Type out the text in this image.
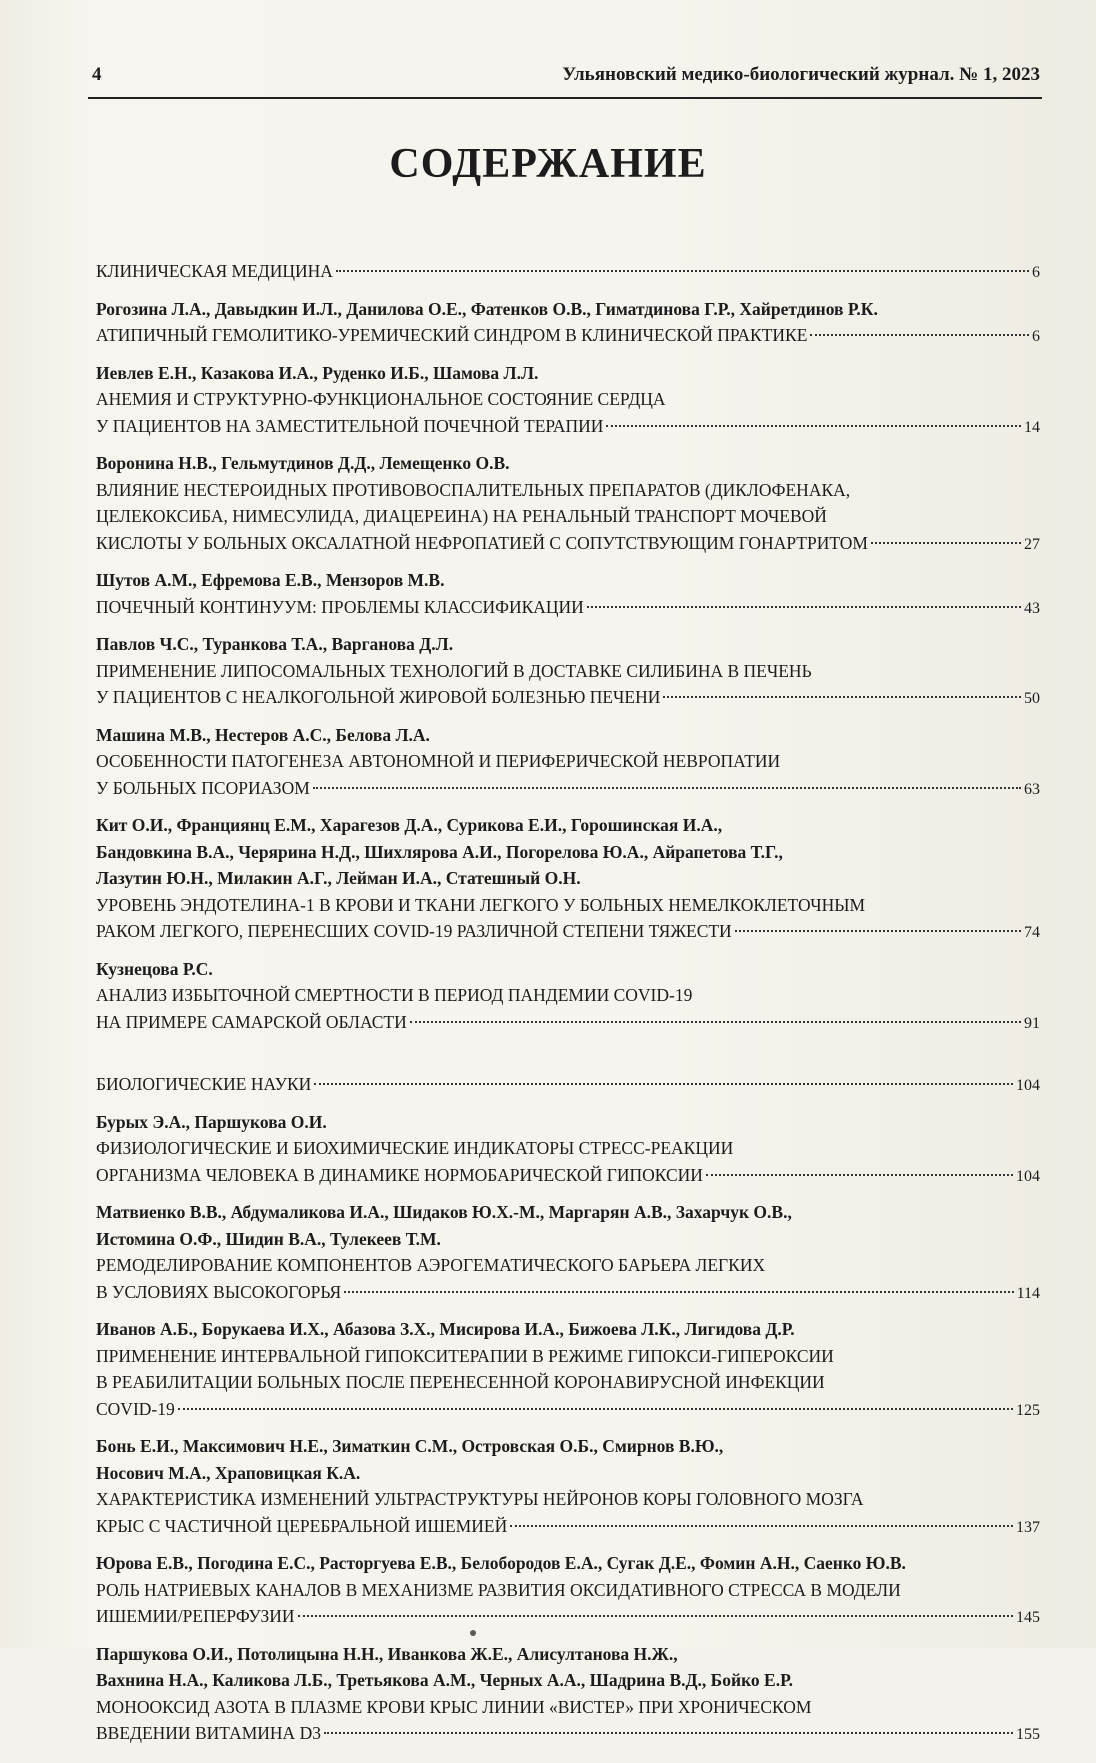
4	Ульяновский медико-биологический журнал. № 1, 2023
СОДЕРЖАНИЕ
КЛИНИЧЕСКАЯ МЕДИЦИНА	6
Рогозина Л.А., Давыдкин И.Л., Данилова О.Е., Фатенков О.В., Гиматдинова Г.Р., Хайретдинов Р.К.
АТИПИЧНЫЙ ГЕМОЛИТИКО-УРЕМИЧЕСКИЙ СИНДРОМ В КЛИНИЧЕСКОЙ ПРАКТИКЕ	6
Иевлев Е.Н., Казакова И.А., Руденко И.Б., Шамова Л.Л.
АНЕМИЯ И СТРУКТУРНО-ФУНКЦИОНАЛЬНОЕ СОСТОЯНИЕ СЕРДЦА
У ПАЦИЕНТОВ НА ЗАМЕСТИТЕЛЬНОЙ ПОЧЕЧНОЙ ТЕРАПИИ	14
Воронина Н.В., Гельмутдинов Д.Д., Лемещенко О.В.
ВЛИЯНИЕ НЕСТЕРОИДНЫХ ПРОТИВОВОСПАЛИТЕЛЬНЫХ ПРЕПАРАТОВ (ДИКЛОФЕНАКА,
ЦЕЛЕКОКСИБА, НИМЕСУЛИДА, ДИАЦЕРЕИНА) НА РЕНАЛЬНЫЙ ТРАНСПОРТ МОЧЕВОЙ
КИСЛОТЫ У БОЛЬНЫХ ОКСАЛАТНОЙ НЕФРОПАТИЕЙ С СОПУТСТВУЮЩИМ ГОНАРТРИТОМ	27
Шутов А.М., Ефремова Е.В., Мензоров М.В.
ПОЧЕЧНЫЙ КОНТИНУУМ: ПРОБЛЕМЫ КЛАССИФИКАЦИИ	43
Павлов Ч.С., Туранкова Т.А., Варганова Д.Л.
ПРИМЕНЕНИЕ ЛИПОСОМАЛЬНЫХ ТЕХНОЛОГИЙ В ДОСТАВКЕ СИЛИБИНА В ПЕЧЕНЬ
У ПАЦИЕНТОВ С НЕАЛКОГОЛЬНОЙ ЖИРОВОЙ БОЛЕЗНЬЮ ПЕЧЕНИ	50
Машина М.В., Нестеров А.С., Белова Л.А.
ОСОБЕННОСТИ ПАТОГЕНЕЗА АВТОНОМНОЙ И ПЕРИФЕРИЧЕСКОЙ НЕВРОПАТИИ
У БОЛЬНЫХ ПСОРИАЗОМ	63
Кит О.И., Франциянц Е.М., Харагезов Д.А., Сурикова Е.И., Горошинская И.А.,
Бандовкина В.А., Черярина Н.Д., Шихлярова А.И., Погорелова Ю.А., Айрапетова Т.Г.,
Лазутин Ю.Н., Милакин А.Г., Лейман И.А., Статешный О.Н.
УРОВЕНЬ ЭНДОТЕЛИНА-1 В КРОВИ И ТКАНИ ЛЕГКОГО У БОЛЬНЫХ НЕМЕЛКОКЛЕТОЧНЫМ
РАКОМ ЛЕГКОГО, ПЕРЕНЕСШИХ COVID-19 РАЗЛИЧНОЙ СТЕПЕНИ ТЯЖЕСТИ	74
Кузнецова Р.С.
АНАЛИЗ ИЗБЫТОЧНОЙ СМЕРТНОСТИ В ПЕРИОД ПАНДЕМИИ COVID-19
НА ПРИМЕРЕ САМАРСКОЙ ОБЛАСТИ	91
БИОЛОГИЧЕСКИЕ НАУКИ	104
Бурых Э.А., Паршукова О.И.
ФИЗИОЛОГИЧЕСКИЕ И БИОХИМИЧЕСКИЕ ИНДИКАТОРЫ СТРЕСС-РЕАКЦИИ
ОРГАНИЗМА ЧЕЛОВЕКА В ДИНАМИКЕ НОРМОБАРИЧЕСКОЙ ГИПОКСИИ	104
Матвиенко В.В., Абдумаликова И.А., Шидаков Ю.Х.-М., Маргарян А.В., Захарчук О.В.,
Истомина О.Ф., Шидин В.А., Тулекеев Т.М.
РЕМОДЕЛИРОВАНИЕ КОМПОНЕНТОВ АЭРОГЕМАТИЧЕСКОГО БАРЬЕРА ЛЕГКИХ
В УСЛОВИЯХ ВЫСОКОГОРЬЯ	114
Иванов А.Б., Борукаева И.Х., Абазова З.Х., Мисирова И.А., Бижоева Л.К., Лигидова Д.Р.
ПРИМЕНЕНИЕ ИНТЕРВАЛЬНОЙ ГИПОКСИТЕРАПИИ В РЕЖИМЕ ГИПОКСИ-ГИПЕРОКСИИ
В РЕАБИЛИТАЦИИ БОЛЬНЫХ ПОСЛЕ ПЕРЕНЕСЕННОЙ КОРОНАВИРУСНОЙ ИНФЕКЦИИ
COVID-19	125
Бонь Е.И., Максимович Н.Е., Зиматкин С.М., Островская О.Б., Смирнов В.Ю.,
Носович М.А., Храповицкая К.А.
ХАРАКТЕРИСТИКА ИЗМЕНЕНИЙ УЛЬТРАСТРУКТУРЫ НЕЙРОНОВ КОРЫ ГОЛОВНОГО МОЗГА
КРЫС С ЧАСТИЧНОЙ ЦЕРЕБРАЛЬНОЙ ИШЕМИЕЙ	137
Юрова Е.В., Погодина Е.С., Расторгуева Е.В., Белобородов Е.А., Сугак Д.Е., Фомин А.Н., Саенко Ю.В.
РОЛЬ НАТРИЕВЫХ КАНАЛОВ В МЕХАНИЗМЕ РАЗВИТИЯ ОКСИДАТИВНОГО СТРЕССА В МОДЕЛИ
ИШЕМИИ/РЕПЕРФУЗИИ	145
Паршукова О.И., Потолицына Н.Н., Иванкова Ж.Е., Алисултанова Н.Ж.,
Вахнина Н.А., Каликова Л.Б., Третьякова А.М., Черных А.А., Шадрина В.Д., Бойко Е.Р.
МОНООКСИД АЗОТА В ПЛАЗМЕ КРОВИ КРЫС ЛИНИИ «ВИСТЕР» ПРИ ХРОНИЧЕСКОМ
ВВЕДЕНИИ ВИТАМИНА D3	155
